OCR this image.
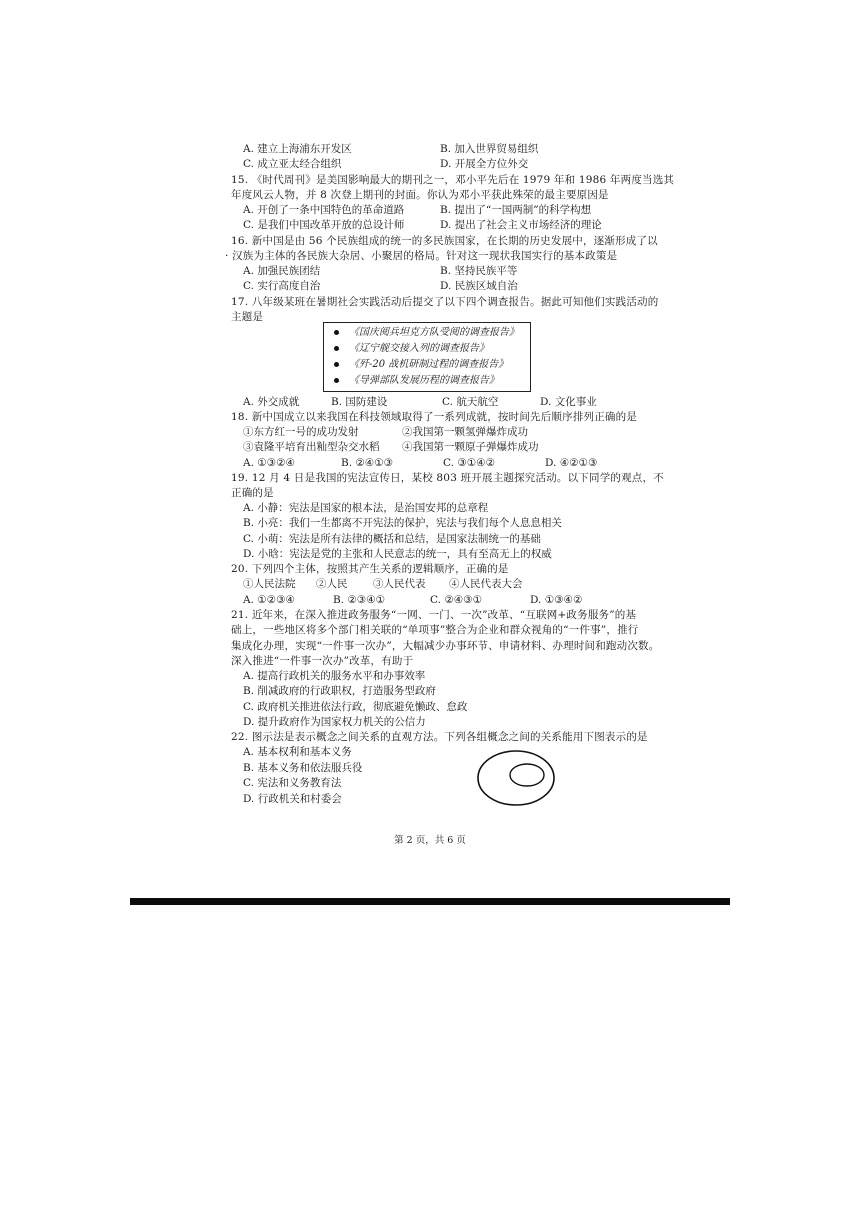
A. 建立上海浦东开发区	B. 加入世界贸易组织
C. 成立亚太经合组织	D. 开展全方位外交
15. 《时代周刊》是美国影响最大的期刊之一，邓小平先后在 1979 年和 1986 年两度当选其
年度风云人物，并 8 次登上期刊的封面。你认为邓小平获此殊荣的最主要原因是
A. 开创了一条中国特色的革命道路	B. 提出了“一国两制”的科学构想
C. 是我们中国改革开放的总设计师	D. 提出了社会主义市场经济的理论
16. 新中国是由 56 个民族组成的统一的多民族国家，在长期的历史发展中，逐渐形成了以
· 汉族为主体的各民族大杂居、小聚居的格局。针对这一现状我国实行的基本政策是
A. 加强民族团结	B. 坚持民族平等
C. 实行高度自治	D. 民族区域自治
17. 八年级某班在暑期社会实践活动后提交了以下四个调查报告。据此可知他们实践活动的
主题是
《国庆阅兵坦克方队受阅的调查报告》
《辽宁舰交接入列的调查报告》
《歼-20 战机研制过程的调查报告》
《导弹部队发展历程的调查报告》
A. 外交成就	B. 国防建设	C. 航天航空	D. 文化事业
18. 新中国成立以来我国在科技领域取得了一系列成就，按时间先后顺序排列正确的是
①东方红一号的成功发射	②我国第一颗氢弹爆炸成功
③袁隆平培育出籼型杂交水稻 ④我国第一颗原子弹爆炸成功
A. ①③②④	B. ②④①③	C. ③①④②	D. ④②①③
19. 12 月 4 日是我国的宪法宣传日，某校 803 班开展主题探究活动。以下同学的观点，不
正确的是
A. 小静：宪法是国家的根本法，是治国安邦的总章程
B. 小亮：我们一生都离不开宪法的保护，宪法与我们每个人息息相关
C. 小萌：宪法是所有法律的概括和总结，是国家法制统一的基础
D. 小晗：宪法是党的主张和人民意志的统一，具有至高无上的权威
20. 下列四个主体，按照其产生关系的逻辑顺序，正确的是
①人民法院 ②人民 ③人民代表 ④人民代表大会
A. ①②③④	B. ②③④①	C. ②④③①	D. ①③④②
21. 近年来，在深入推进政务服务“一网、一门、一次”改革、“互联网+政务服务”的基
础上，一些地区将多个部门相关联的“单项事”整合为企业和群众视角的“一件事”，推行
集成化办理，实现“一件事一次办”，大幅减少办事环节、申请材料、办理时间和跑动次数。
深入推进“一件事一次办”改革，有助于
A. 提高行政机关的服务水平和办事效率
B. 削减政府的行政职权，打造服务型政府
C. 政府机关推进依法行政，彻底避免懒政、怠政
D. 提升政府作为国家权力机关的公信力
22. 图示法是表示概念之间关系的直观方法。下列各组概念之间的关系能用下图表示的是
A. 基本权利和基本义务
B. 基本义务和依法服兵役
C. 宪法和义务教育法
D. 行政机关和村委会
第 2 页，共 6 页
